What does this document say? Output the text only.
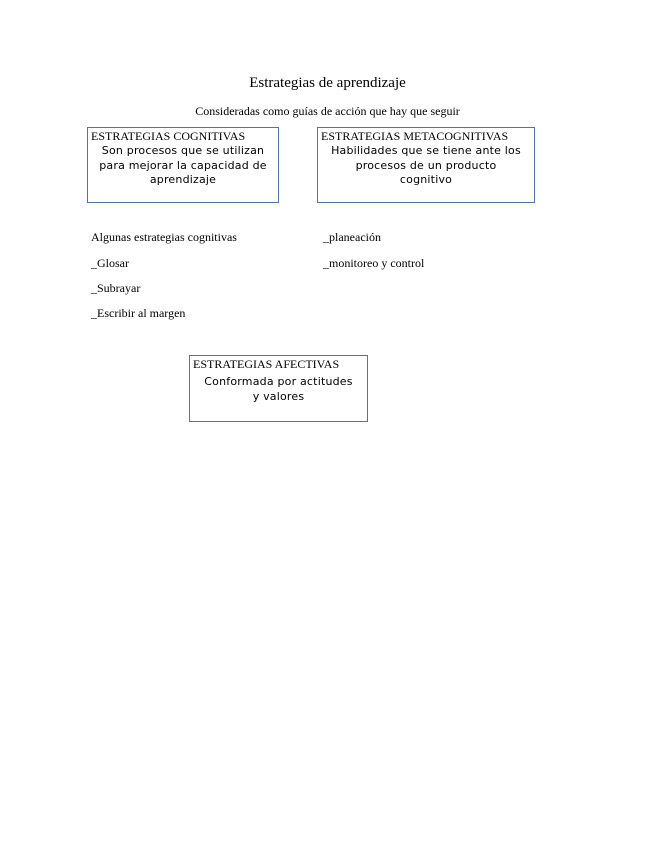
Estrategias de aprendizaje
Consideradas como guías de acción que hay que seguir
ESTRATEGIAS COGNITIVAS
Son procesos que se utilizan
para mejorar la capacidad de
aprendizaje
ESTRATEGIAS METACOGNITIVAS
Habilidades que se tiene ante los
procesos de un producto
cognitivo
Algunas estrategias cognitivas
_Glosar
_Subrayar
_Escribir al margen
_planeación
_monitoreo y control
ESTRATEGIAS AFECTIVAS
Conformada por actitudes
y valores
